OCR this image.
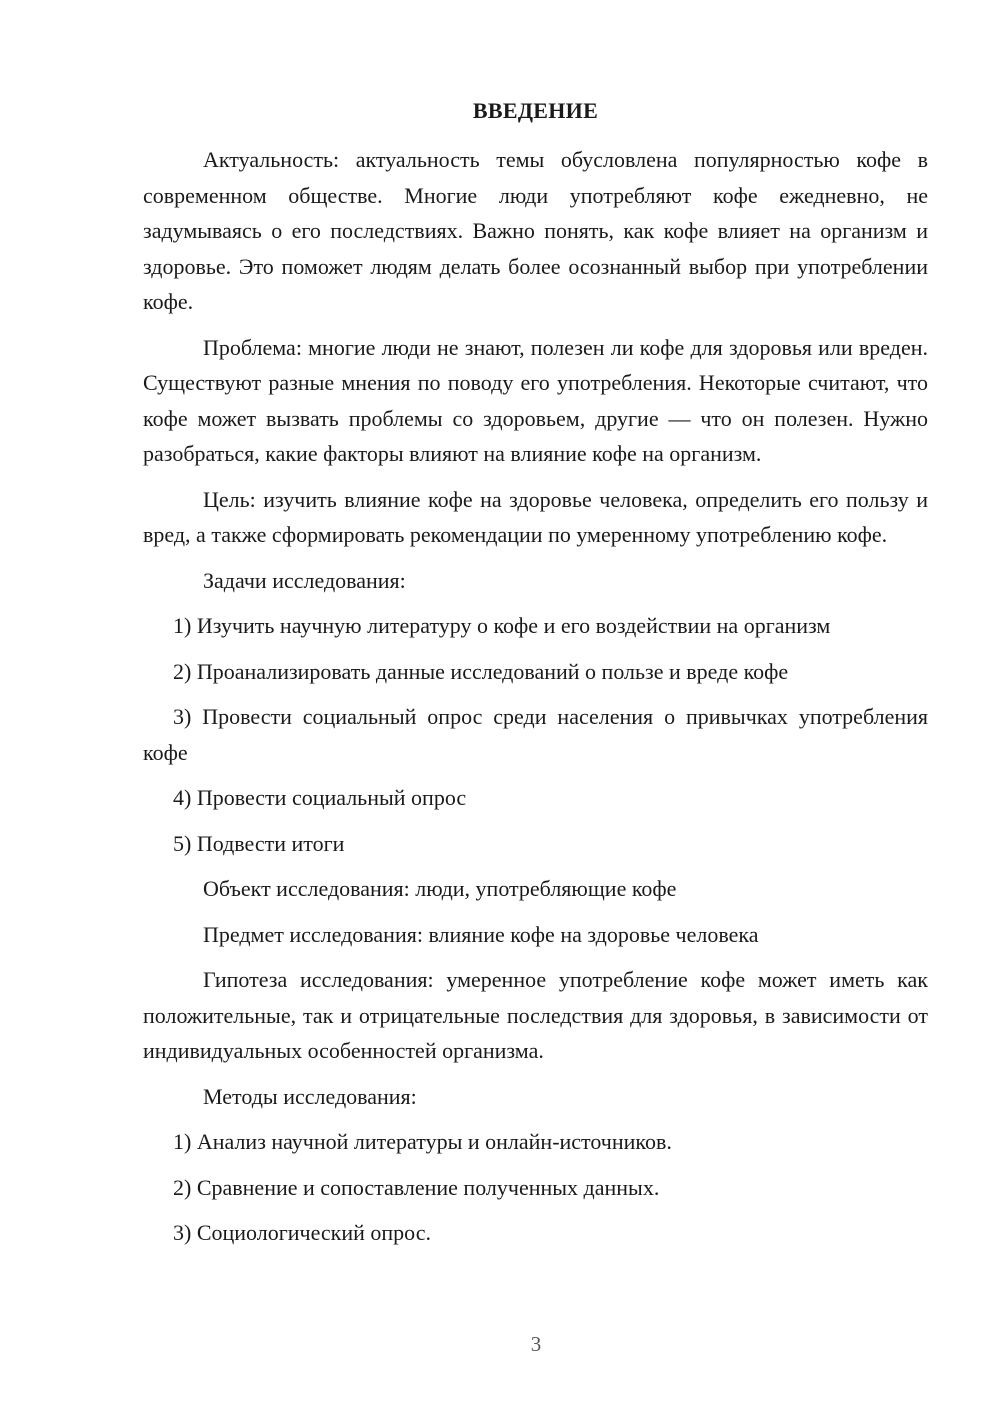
ВВЕДЕНИЕ

Актуальность: актуальность темы обусловлена популярностью кофе в современном обществе. Многие люди употребляют кофе ежедневно, не задумываясь о его последствиях. Важно понять, как кофе влияет на организм и здоровье. Это поможет людям делать более осознанный выбор при употреблении кофе.

Проблема: многие люди не знают, полезен ли кофе для здоровья или вреден. Существуют разные мнения по поводу его употребления. Некоторые считают, что кофе может вызвать проблемы со здоровьем, другие — что он полезен. Нужно разобраться, какие факторы влияют на влияние кофе на организм.

Цель: изучить влияние кофе на здоровье человека, определить его пользу и вред, а также сформировать рекомендации по умеренному употреблению кофе.

Задачи исследования:

1) Изучить научную литературу о кофе и его воздействии на организм

2) Проанализировать данные исследований о пользе и вреде кофе

3) Провести социальный опрос среди населения о привычках употребления кофе

4) Провести социальный опрос

5) Подвести итоги

Объект исследования: люди, употребляющие кофе

Предмет исследования: влияние кофе на здоровье человека

Гипотеза исследования: умеренное употребление кофе может иметь как положительные, так и отрицательные последствия для здоровья, в зависимости от индивидуальных особенностей организма.

Методы исследования:

1) Анализ научной литературы и онлайн-источников.

2) Сравнение и сопоставление полученных данных.

3) Социологический опрос.

3
